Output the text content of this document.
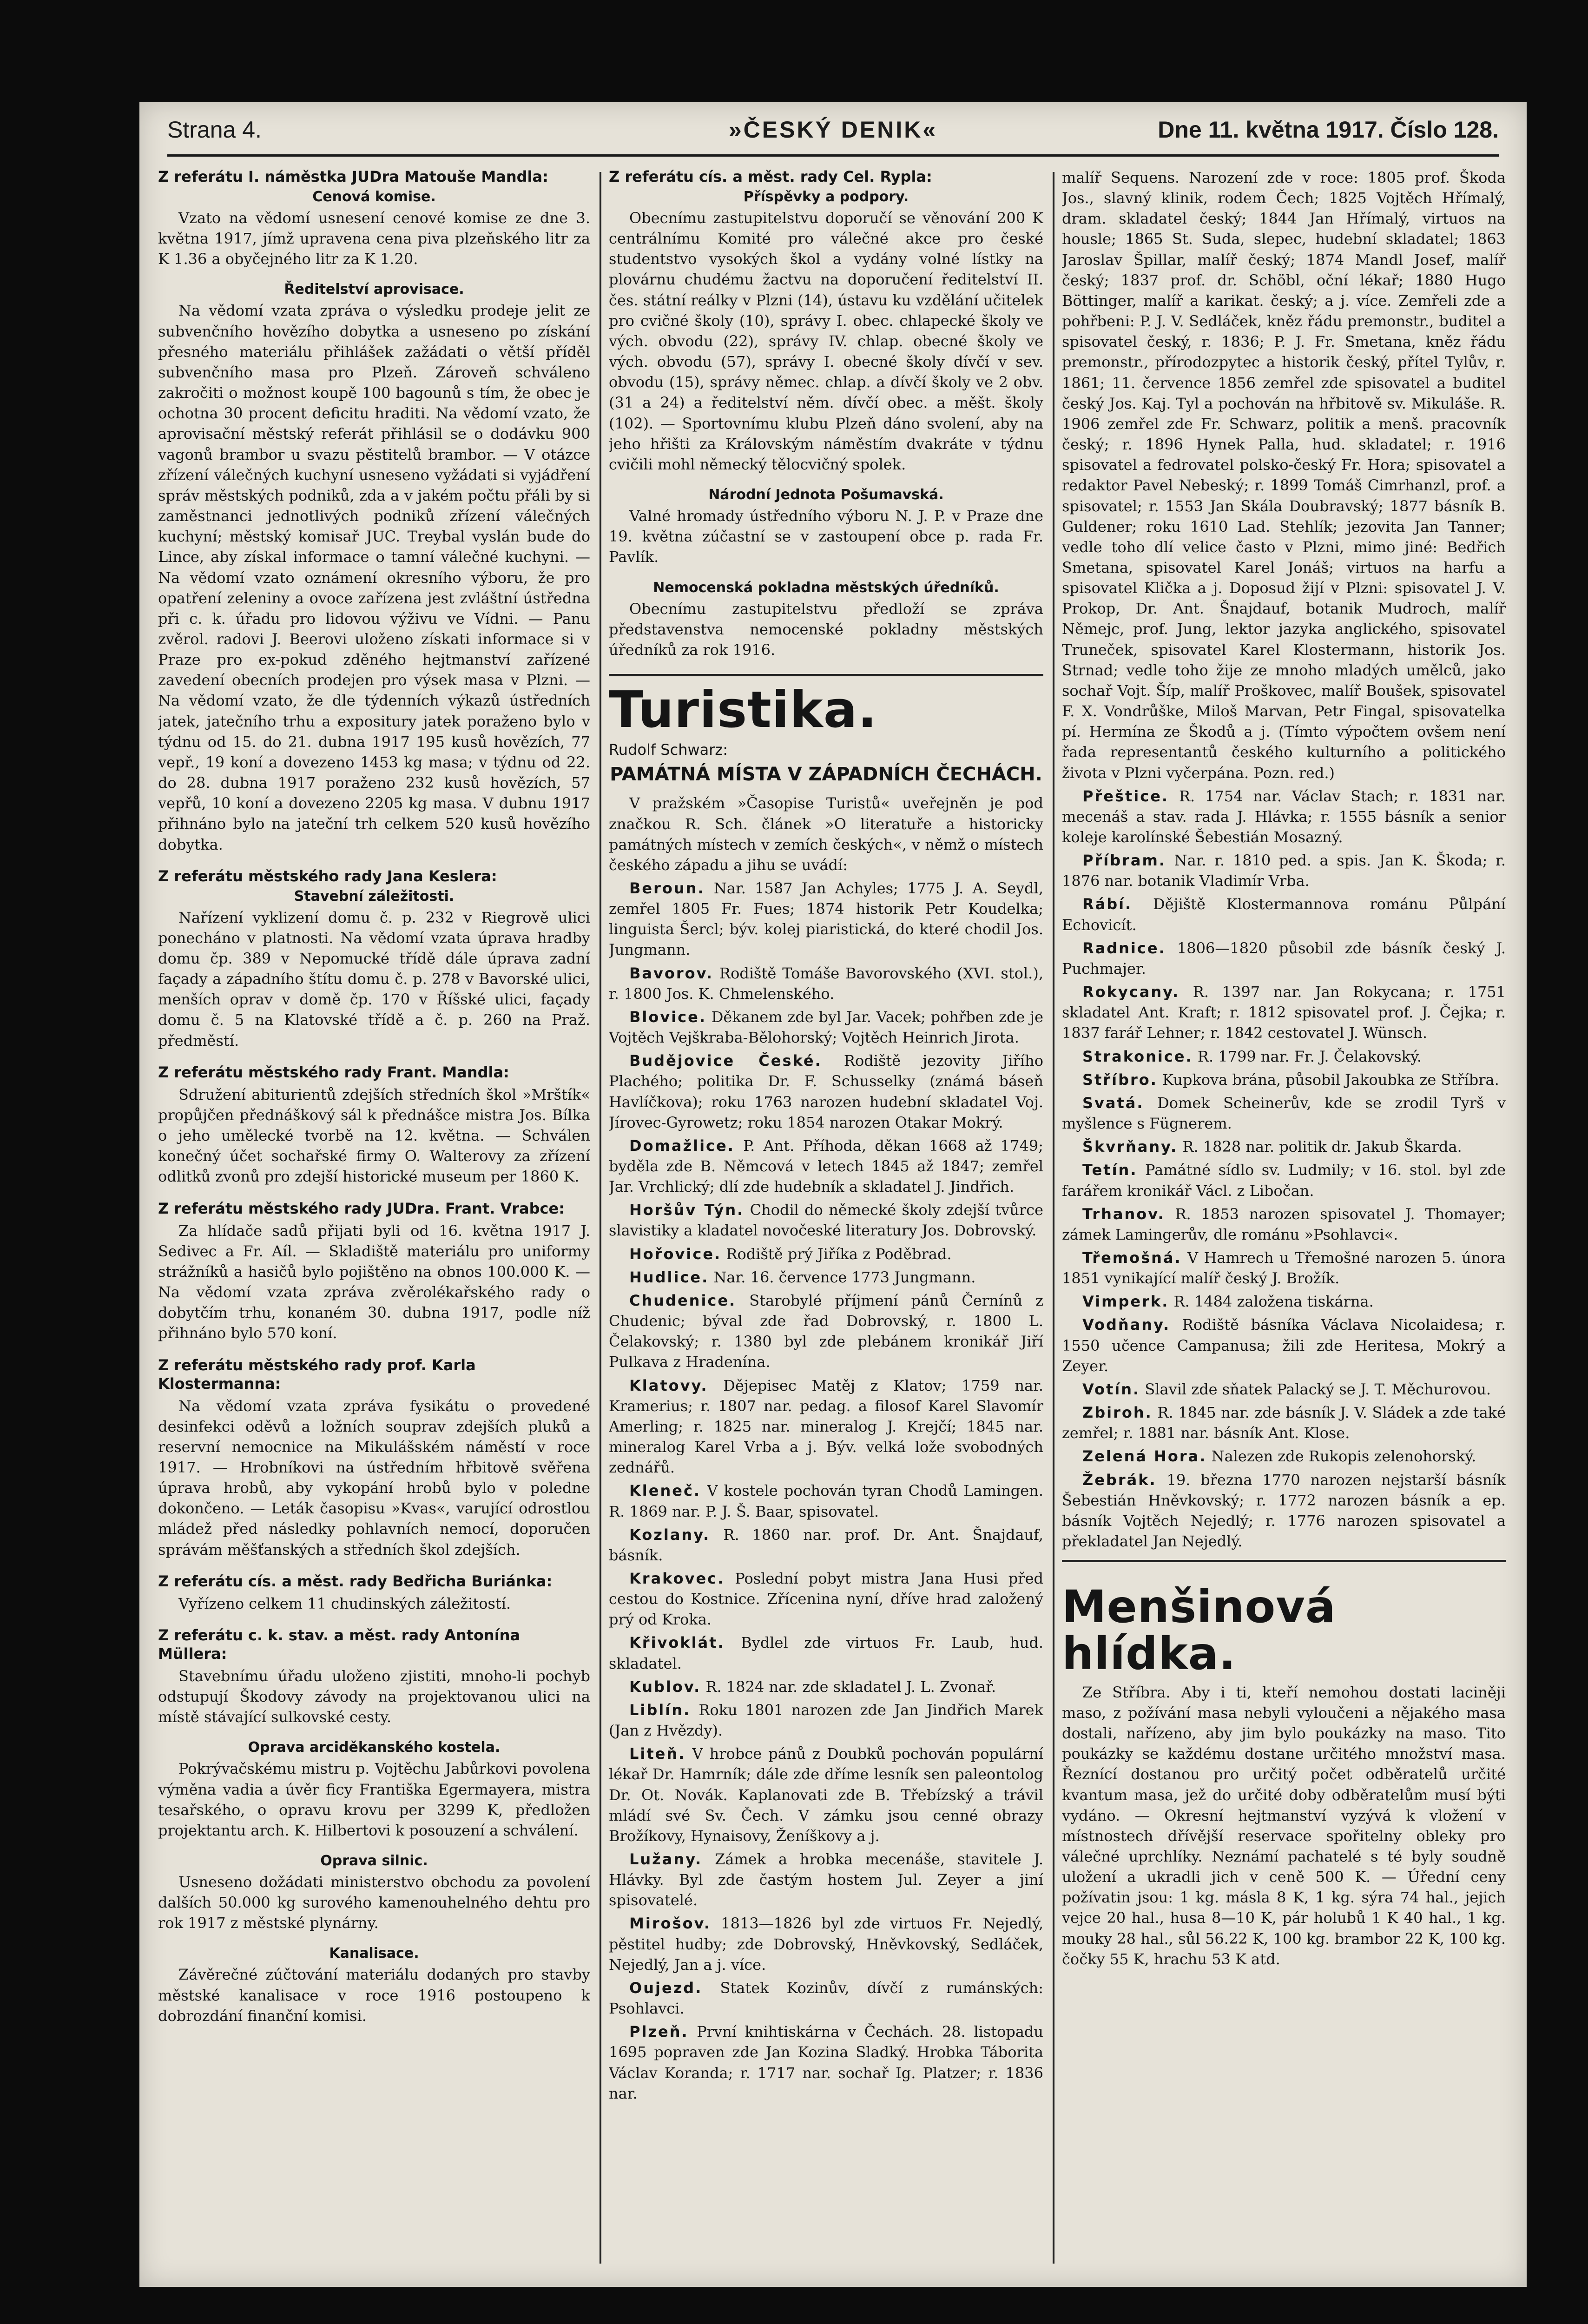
Strana 4.	»ČESKÝ DENIK«	Dne 11. května 1917. Číslo 128.
Z referátu I. náměstka JUDra Matouše Mandla:
Cenová komise.

Vzato na vědomí usnesení cenové komise ze dne 3. května 1917, jímž upravena cena piva plzeňského litr za K 1.36 a obyčejného litr za K 1.20.

Ředitelství aprovisace.

Na vědomí vzata zpráva o výsledku prodeje jelit ze subvenčního hovězího dobytka a usneseno po získání přesného materiálu přihlášek zažádati o větší příděl subvenčního masa pro Plzeň. Zároveň schváleno zakročiti o možnost koupě 100 bagounů s tím, že obec je ochotna 30 procent deficitu hraditi. Na vědomí vzato, že aprovisační městský referát přihlásil se o dodávku 900 vagonů brambor u svazu pěstitelů brambor. — V otázce zřízení válečných kuchyní usneseno vyžádati si vyjádření správ městských podniků, zda a v jakém počtu přáli by si zaměstnanci jednotlivých podniků zřízení válečných kuchyní; městský komisař JUC. Treybal vyslán bude do Lince, aby získal informace o tamní válečné kuchyni. — Na vědomí vzato oznámení okresního výboru, že pro opatření zeleniny a ovoce zařízena jest zvláštní ústředna při c. k. úřadu pro lidovou výživu ve Vídni. — Panu zvěrol. radovi J. Beerovi uloženo získati informace si v Praze pro ex-pokud zděného hejtmanství zařízené zavedení obecních prodejen pro výsek masa v Plzni. — Na vědomí vzato, že dle týdenních výkazů ústředních jatek, jatečního trhu a expositury jatek poraženo bylo v týdnu od 15. do 21. dubna 1917 195 kusů hovězích, 77 vepř., 19 koní a dovezeno 1453 kg masa; v týdnu od 22. do 28. dubna 1917 poraženo 232 kusů hovězích, 57 vepřů, 10 koní a dovezeno 2205 kg masa. V dubnu 1917 přihnáno bylo na jateční trh celkem 520 kusů hovězího dobytka.

Z referátu městského rady Jana Keslera:
Stavební záležitosti.

Nařízení vyklizení domu č. p. 232 v Riegrově ulici ponecháno v platnosti. Na vědomí vzata úprava hradby domu čp. 389 v Nepomucké třídě dále úprava zadní façady a západního štítu domu č. p. 278 v Bavorské ulici, menších oprav v domě čp. 170 v Říšské ulici, façady domu č. 5 na Klatovské třídě a č. p. 260 na Praž. předměstí.

Z referátu městského rady Frant. Mandla:

Sdružení abiturientů zdejších středních škol »Mrštík« propůjčen přednáškový sál k přednášce mistra Jos. Bílka o jeho umělecké tvorbě na 12. května. — Schválen konečný účet sochařské firmy O. Walterovy za zřízení odlitků zvonů pro zdejší historické museum per 1860 K.

Z referátu městského rady JUDra. Frant. Vrabce:

Za hlídače sadů přijati byli od 16. května 1917 J. Sedivec a Fr. Aíl. — Skladiště materiálu pro uniformy strážníků a hasičů bylo pojištěno na obnos 100.000 K. — Na vědomí vzata zpráva zvěrolékařského rady o dobytčím trhu, konaném 30. dubna 1917, podle níž přihnáno bylo 570 koní.

Z referátu městského rady prof. Karla Klostermanna:

Na vědomí vzata zpráva fysikátu o provedené desinfekci oděvů a ložních souprav zdejších pluků a reservní nemocnice na Mikulášském náměstí v roce 1917. — Hrobníkovi na ústředním hřbitově svěřena úprava hrobů, aby vykopání hrobů bylo v poledne dokončeno. — Leták časopisu »Kvas«, varující odrostlou mládež před následky pohlavních nemocí, doporučen správám měšťanských a středních škol zdejších.

Z referátu cís. a měst. rady Bedřicha Buriánka:

Vyřízeno celkem 11 chudinských záležitostí.

Z referátu c. k. stav. a měst. rady Antonína Müllera:

Stavebnímu úřadu uloženo zjistiti, mnoho-li pochyb odstupují Škodovy závody na projektovanou ulici na místě stávající sulkovské cesty.

Oprava arciděkanského kostela.

Pokrývačskému mistru p. Vojtěchu Jabůrkovi povolena výměna vadia a úvěr ficy Františka Egermayera, mistra tesařského, o opravu krovu per 3299 K, předložen projektantu arch. K. Hilbertovi k posouzení a schválení.

Oprava silnic.

Usneseno dožádati ministerstvo obchodu za povolení dalších 50.000 kg surového kamenouhelného dehtu pro rok 1917 z městské plynárny.

Kanalisace.

Závěrečné zúčtování materiálu dodaných pro stavby městské kanalisace v roce 1916 postoupeno k dobrozdání finanční komisi.

Z referátu cís. a měst. rady Cel. Rypla:
Příspěvky a podpory.

Obecnímu zastupitelstvu doporučí se věnování 200 K centrálnímu Komité pro válečné akce pro české studentstvo vysokých škol a vydány volné lístky na plovárnu chudému žactvu na doporučení ředitelství II. čes. státní reálky v Plzni (14), ústavu ku vzdělání učitelek pro cvičné školy (10), správy I. obec. chlapecké školy ve vých. obvodu (22), správy IV. chlap. obecné školy ve vých. obvodu (57), správy I. obecné školy dívčí v sev. obvodu (15), správy němec. chlap. a dívčí školy ve 2 obv. (31 a 24) a ředitelství něm. dívčí obec. a měšt. školy (102). — Sportovnímu klubu Plzeň dáno svolení, aby na jeho hřišti za Královským náměstím dvakráte v týdnu cvičili mohl německý tělocvičný spolek.

Národní Jednota Pošumavská.

Valné hromady ústředního výboru N. J. P. v Praze dne 19. května zúčastní se v zastoupení obce p. rada Fr. Pavlík.

Nemocenská pokladna městských úředníků.

Obecnímu zastupitelstvu předloží se zpráva představenstva nemocenské pokladny městských úředníků za rok 1916.

Turistika.
Rudolf Schwarz:
PAMÁTNÁ MÍSTA V ZÁPADNÍCH ČECHÁCH.

V pražském »Časopise Turistů« uveřejněn je pod značkou R. Sch. článek »O literatuře a historicky památných místech v zemích českých«, v němž o místech českého západu a jihu se uvádí:

Beroun. Nar. 1587 Jan Achyles; 1775 J. A. Seydl, zemřel 1805 Fr. Fues; 1874 historik Petr Koudelka; linguista Šercl; býv. kolej piaristická, do které chodil Jos. Jungmann.

Bavorov. Rodiště Tomáše Bavorovského (XVI. stol.), r. 1800 Jos. K. Chmelenského.

Blovice. Děkanem zde byl Jar. Vacek; pohřben zde je Vojtěch Vejškraba-Bělohorský; Vojtěch Heinrich Jirota.

Budějovice České. Rodiště jezovity Jiřího Plachého; politika Dr. F. Schusselky (známá báseň Havlíčkova); roku 1763 narozen hudební skladatel Voj. Jírovec-Gyrowetz; roku 1854 narozen Otakar Mokrý.

Domažlice. P. Ant. Příhoda, děkan 1668 až 1749; byděla zde B. Němcová v letech 1845 až 1847; zemřel Jar. Vrchlický; dlí zde hudebník a skladatel J. Jindřich.

Horšův Týn. Chodil do německé školy zdejší tvůrce slavistiky a kladatel novočeské literatury Jos. Dobrovský.

Hořovice. Rodiště prý Jiříka z Poděbrad.

Hudlice. Nar. 16. července 1773 Jungmann.

Chudenice. Starobylé příjmení pánů Černínů z Chudenic; býval zde řad Dobrovský, r. 1800 L. Čelakovský; r. 1380 byl zde plebánem kronikář Jiří Pulkava z Hradenína.

Klatovy. Dějepisec Matěj z Klatov; 1759 nar. Kramerius; r. 1807 nar. pedag. a filosof Karel Slavomír Amerling; r. 1825 nar. mineralog J. Krejčí; 1845 nar. mineralog Karel Vrba a j. Býv. velká lože svobodných zednářů.

Kleneč. V kostele pochován tyran Chodů Lamingen. R. 1869 nar. P. J. Š. Baar, spisovatel.

Kozlany. R. 1860 nar. prof. Dr. Ant. Šnajdauf, básník.

Krakovec. Poslední pobyt mistra Jana Husi před cestou do Kostnice. Zřícenina nyní, dříve hrad založený prý od Kroka.

Křivoklát. Bydlel zde virtuos Fr. Laub, hud. skladatel.

Kublov. R. 1824 nar. zde skladatel J. L. Zvonař.

Liblín. Roku 1801 narozen zde Jan Jindřich Marek (Jan z Hvězdy).

Liteň. V hrobce pánů z Doubků pochován populární lékař Dr. Hamrník; dále zde dříme lesník sen paleontolog Dr. Ot. Novák. Kaplanovati zde B. Třebízský a trávil mládí své Sv. Čech. V zámku jsou cenné obrazy Brožíkovy, Hynaisovy, Ženíškovy a j.

Lužany. Zámek a hrobka mecenáše, stavitele J. Hlávky. Byl zde častým hostem Jul. Zeyer a jiní spisovatelé.

Mirošov. 1813—1826 byl zde virtuos Fr. Nejedlý, pěstitel hudby; zde Dobrovský, Hněvkovský, Sedláček, Nejedlý, Jan a j. více.

Oujezd. Statek Kozinův, dívčí z rumánských: Psohlavci.

Plzeň. První knihtiskárna v Čechách. 28. listopadu 1695 popraven zde Jan Kozina Sladký. Hrobka Táborita Václav Koranda; r. 1717 nar. sochař Ig. Platzer; r. 1836 nar.

malíř Sequens. Narození zde v roce: 1805 prof. Škoda Jos., slavný klinik, rodem Čech; 1825 Vojtěch Hřímalý, dram. skladatel český; 1844 Jan Hřímalý, virtuos na housle; 1865 St. Suda, slepec, hudební skladatel; 1863 Jaroslav Špillar, malíř český; 1874 Mandl Josef, malíř český; 1837 prof. dr. Schöbl, oční lékař; 1880 Hugo Böttinger, malíř a karikat. český; a j. více. Zemřeli zde a pohřbeni: P. J. V. Sedláček, kněz řádu premonstr., buditel a spisovatel český, r. 1836; P. J. Fr. Smetana, kněz řádu premonstr., přírodozpytec a historik český, přítel Tylův, r. 1861; 11. července 1856 zemřel zde spisovatel a buditel český Jos. Kaj. Tyl a pochován na hřbitově sv. Mikuláše. R. 1906 zemřel zde Fr. Schwarz, politik a menš. pracovník český; r. 1896 Hynek Palla, hud. skladatel; r. 1916 spisovatel a fedrovatel polsko-český Fr. Hora; spisovatel a redaktor Pavel Nebeský; r. 1899 Tomáš Cimrhanzl, prof. a spisovatel; r. 1553 Jan Skála Doubravský; 1877 básník B. Guldener; roku 1610 Lad. Stehlík; jezovita Jan Tanner; vedle toho dlí velice často v Plzni, mimo jiné: Bedřich Smetana, spisovatel Karel Jonáš; virtuos na harfu a spisovatel Klička a j. Doposud žijí v Plzni: spisovatel J. V. Prokop, Dr. Ant. Šnajdauf, botanik Mudroch, malíř Němejc, prof. Jung, lektor jazyka anglického, spisovatel Truneček, spisovatel Karel Klostermann, historik Jos. Strnad; vedle toho žije ze mnoho mladých umělců, jako sochař Vojt. Šíp, malíř Proškovec, malíř Boušek, spisovatel F. X. Vondrůške, Miloš Marvan, Petr Fingal, spisovatelka pí. Hermína ze Škodů a j. (Tímto výpočtem ovšem není řada representantů českého kulturního a politického života v Plzni vyčerpána. Pozn. red.)

Přeštice. R. 1754 nar. Václav Stach; r. 1831 nar. mecenáš a stav. rada J. Hlávka; r. 1555 básník a senior koleje karolínské Šebestián Mosazný.

Příbram. Nar. r. 1810 ped. a spis. Jan K. Škoda; r. 1876 nar. botanik Vladimír Vrba.

Rábí. Dějiště Klostermannova románu Půlpání Echovicít.

Radnice. 1806—1820 působil zde básník český J. Puchmajer.

Rokycany. R. 1397 nar. Jan Rokycana; r. 1751 skladatel Ant. Kraft; r. 1812 spisovatel prof. J. Čejka; r. 1837 farář Lehner; r. 1842 cestovatel J. Wünsch.

Strakonice. R. 1799 nar. Fr. J. Čelakovský.

Stříbro. Kupkova brána, působil Jakoubka ze Stříbra.

Svatá. Domek Scheinerův, kde se zrodil Tyrš v myšlence s Fügnerem.

Škvrňany. R. 1828 nar. politik dr. Jakub Škarda.

Tetín. Památné sídlo sv. Ludmily; v 16. stol. byl zde farářem kronikář Václ. z Libočan.

Trhanov. R. 1853 narozen spisovatel J. Thomayer; zámek Lamingerův, dle románu »Psohlavci«.

Třemošná. V Hamrech u Třemošné narozen 5. února 1851 vynikající malíř český J. Brožík.

Vimperk. R. 1484 založena tiskárna.

Vodňany. Rodiště básníka Václava Nicolaidesa; r. 1550 učence Campanusa; žili zde Heritesa, Mokrý a Zeyer.

Votín. Slavil zde sňatek Palacký se J. T. Měchurovou.

Zbiroh. R. 1845 nar. zde básník J. V. Sládek a zde také zemřel; r. 1881 nar. básník Ant. Klose.

Zelená Hora. Nalezen zde Rukopis zelenohorský.

Žebrák. 19. března 1770 narozen nejstarší básník Šebestián Hněvkovský; r. 1772 narozen básník a ep. básník Vojtěch Nejedlý; r. 1776 narozen spisovatel a překladatel Jan Nejedlý.

Menšinová hlídka.

Ze Stříbra. Aby i ti, kteří nemohou dostati laciněji maso, z požívání masa nebyli vyloučeni a nějakého masa dostali, nařízeno, aby jim bylo poukázky na maso. Tito poukázky se každému dostane určitého množství masa. Řeznící dostanou pro určitý počet odběratelů určité kvantum masa, jež do určité doby odběratelům musí býti vydáno. — Okresní hejtmanství vyzývá k vložení v místnostech dřívější reservace spořitelny obleky pro válečné uprchlíky. Neznámí pachatelé s té byly soudně uložení a ukradli jich v ceně 500 K. — Úřední ceny požívatin jsou: 1 kg. másla 8 K, 1 kg. sýra 74 hal., jejich vejce 20 hal., husa 8—10 K, pár holubů 1 K 40 hal., 1 kg. mouky 28 hal., sůl 56.22 K, 100 kg. brambor 22 K, 100 kg. čočky 55 K, hrachu 53 K atd.
